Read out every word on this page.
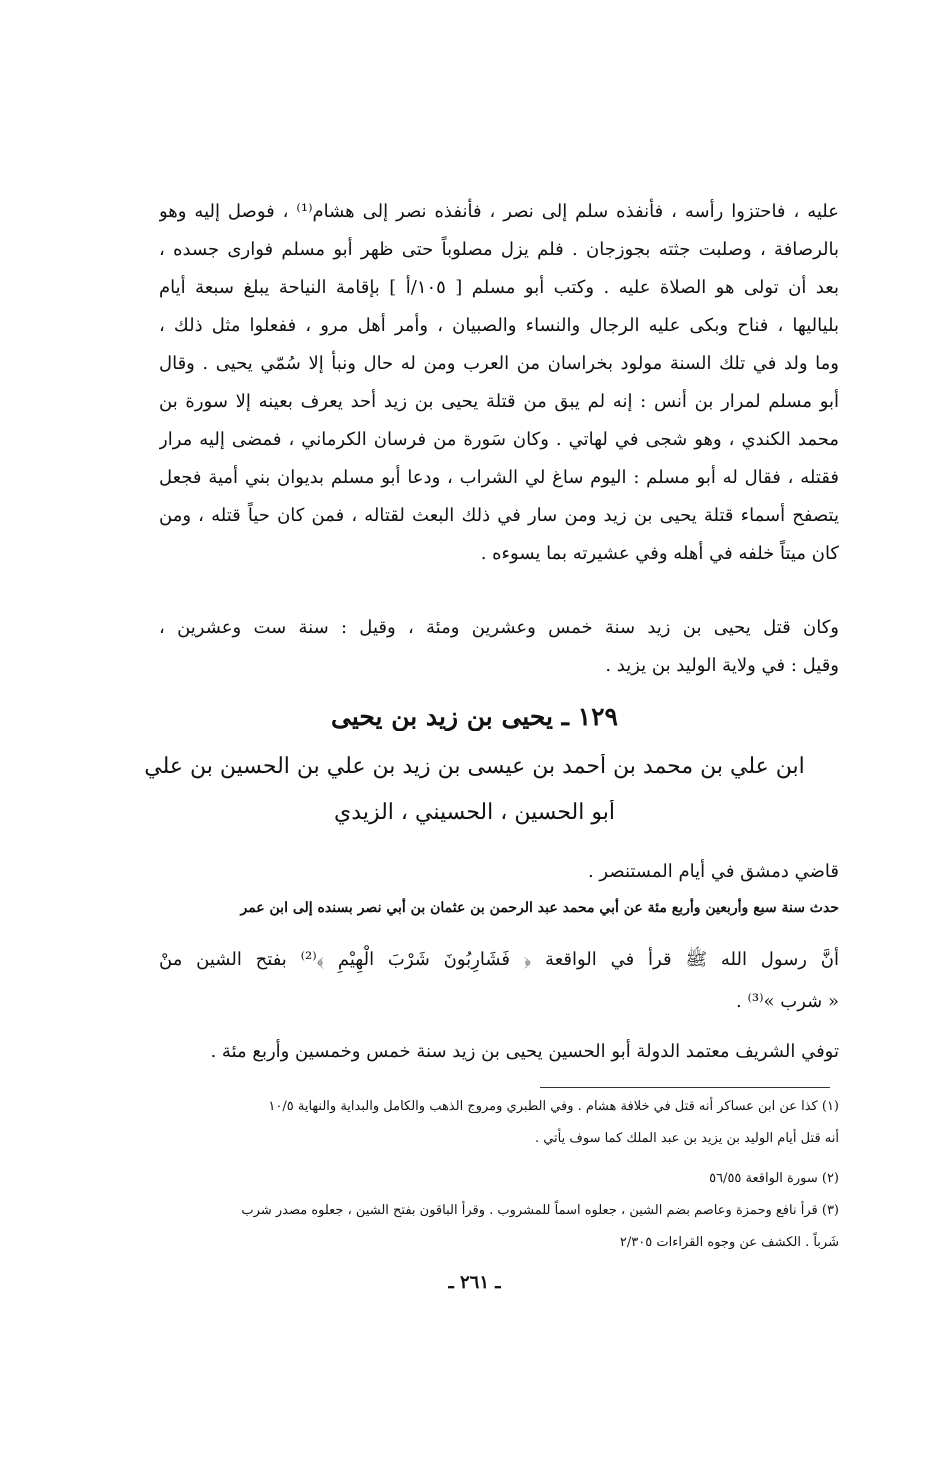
عليه ، فاحتزوا رأسه ، فأنفذه سلم إلى نصر ، فأنفذه نصر إلى هشام⁽¹⁾ ، فوصل إليه وهو
بالرصافة ، وصلبت جثته بجوزجان . فلم يزل مصلوباً حتى ظهر أبو مسلم فوارى جسده ،
بعد أن تولى هو الصلاة عليه . وكتب أبو مسلم [ ١٠٥/أ ] بإقامة النياحة يبلغ سبعة أيام
بلياليها ، فناح وبكى عليه الرجال والنساء والصبيان ، وأمر أهل مرو ، ففعلوا مثل ذلك ،
وما ولد في تلك السنة مولود بخراسان من العرب ومن له حال ونبأ إلا سُمّي يحيى . وقال
أبو مسلم لمرار بن أنس : إنه لم يبق من قتلة يحيى بن زيد أحد يعرف بعينه إلا سورة بن
محمد الكندي ، وهو شجى في لهاتي . وكان سَورة من فرسان الكرماني ، فمضى إليه مرار
فقتله ، فقال له أبو مسلم : اليوم ساغ لي الشراب ، ودعا أبو مسلم بديوان بني أمية فجعل
يتصفح أسماء قتلة يحيى بن زيد ومن سار في ذلك البعث لقتاله ، فمن كان حياً قتله ، ومن
كان ميتاً خلفه في أهله وفي عشيرته بما يسوءه .
وكان قتل يحيى بن زيد سنة خمس وعشرين ومئة ، وقيل : سنة ست وعشرين ،
وقيل : في ولاية الوليد بن يزيد .
١٢٩ ـ يحيى بن زيد بن يحيى
ابن علي بن محمد بن أحمد بن عيسى بن زيد بن علي بن الحسين بن علي
أبو الحسين ، الحسيني ، الزيدي
قاضي دمشق في أيام المستنصر .
حدث سنة سبع وأربعين وأربع مئة عن أبي محمد عبد الرحمن بن عثمان بن أبي نصر بسنده إلى ابن عمر
أنَّ رسول الله ﷺ قرأ في الواقعة ﴿ فَشَارِبُونَ شَرْبَ الْهِيْمِ ﴾⁽²⁾ بفتح الشين منْ
« شرب »⁽³⁾ .
توفي الشريف معتمد الدولة أبو الحسين يحيى بن زيد سنة خمس وخمسين وأربع مئة .
(١) كذا عن ابن عساكر أنه قتل في خلافة هشام . وفي الطبري ومروج الذهب والكامل والبداية والنهاية ١٠/٥
أنه قتل أيام الوليد بن يزيد بن عبد الملك كما سوف يأتي .
(٢) سورة الواقعة ٥٦/٥٥
(٣) قرأ نافع وحمزة وعاصم بضم الشين ، جعلوه اسماً للمشروب . وقرأ الباقون بفتح الشين ، جعلوه مصدر شرب
شَرباً . الكشف عن وجوه القراءات ٢/٣٠٥
ـ ٢٦١ ـ
